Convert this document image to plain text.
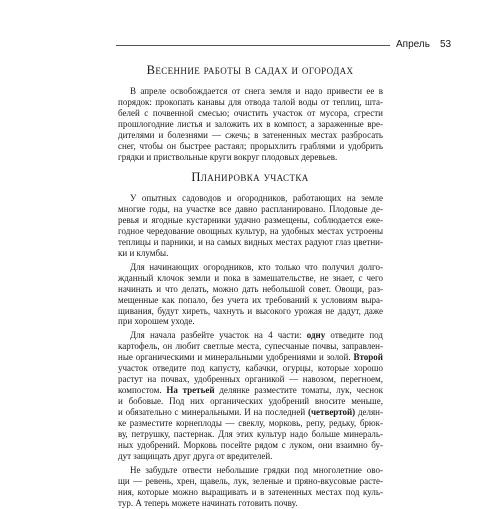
Апрель 53
Весенние работы в садах и огородах
В апреле освобождается от снега земля и надо привести ее в
порядок: прокопать канавы для отвода талой воды от теплиц, шта-
белей с почвенной смесью; очистить участок от мусора, сгрести
прошлогодние листья и заложить их в компост, а зараженные вре-
дителями и болезнями — сжечь; в затененных местах разбросать
снег, чтобы он быстрее растаял; прорыхлить граблями и удобрить
грядки и приствольные круги вокруг плодовых деревьев.
Планировка участка
У опытных садоводов и огородников, работающих на земле
многие годы, на участке все давно распланировано. Плодовые де-
ревья и ягодные кустарники удачно размещены, соблюдается еже-
годное чередование овощных культур, на удобных местах устроены
теплицы и парники, и на самых видных местах радуют глаз цветни-
ки и клумбы.
Для начинающих огородников, кто только что получил долго-
жданный клочок земли и пока в замешательстве, не знает, с чего
начинать и что делать, можно дать небольшой совет. Овощи, раз-
мещенные как попало, без учета их требований к условиям выра-
щивания, будут хиреть, чахнуть и высокого урожая не дадут, даже
при хорошем уходе.
Для начала разбейте участок на 4 части: одну отведите под
картофель, он любит светлые места, супесчаные почвы, заправлен-
ные органическими и минеральными удобрениями и золой. Второй
участок отведите под капусту, кабачки, огурцы, которые хорошо
растут на почвах, удобренных органикой — навозом, перегноем,
компостом. На третьей делянке разместите томаты, лук, чеснок
и бобовые. Под них органических удобрений вносите меньше,
и обязательно с минеральными. И на последней (четвертой) делян-
ке разместите корнеплоды — свеклу, морковь, репу, редьку, брюк-
ву, петрушку, пастернак. Для этих культур надо больше минераль-
ных удобрений. Морковь посейте рядом с луком, они взаимно бу-
дут защищать друг друга от вредителей.
Не забудьте отвести небольшие грядки под многолетние ово-
щи — ревень, хрен, щавель, лук, зеленые и пряно-вкусовые расте-
ния, которые можно выращивать и в затененных местах под куль-
тур. А теперь можете начинать готовить почву.
